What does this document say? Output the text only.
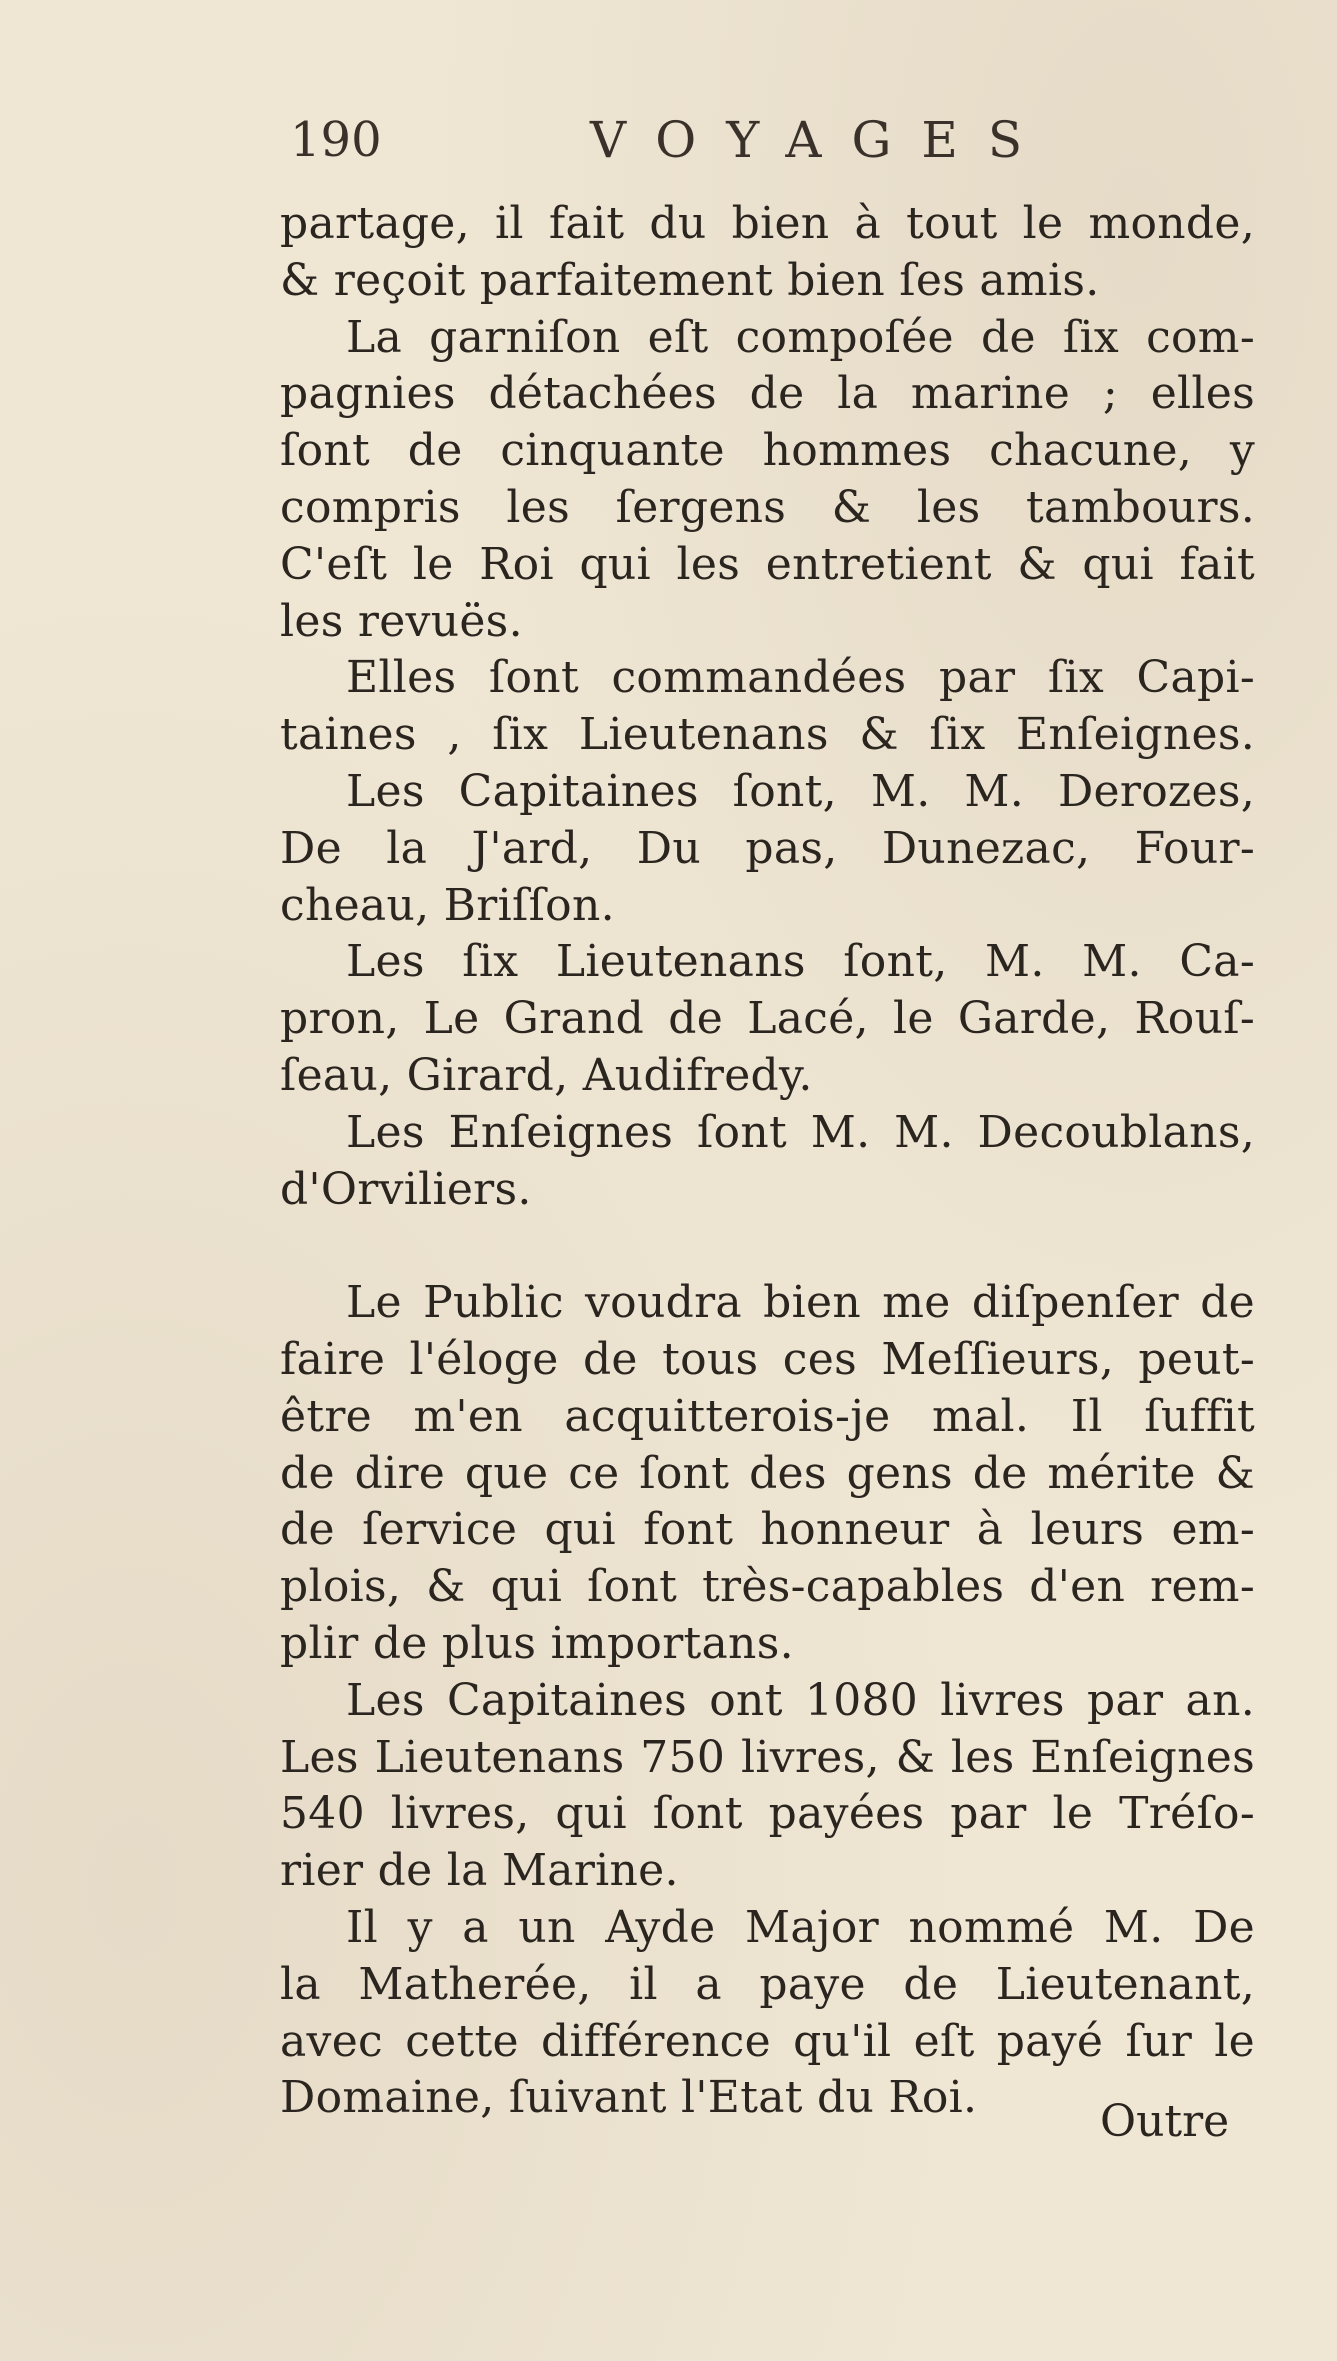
190	VOYAGES
partage, il fait du bien à tout le monde,
& reçoit parfaitement bien ſes amis.
La garniſon eſt compoſée de ſix com-
pagnies détachées de la marine ; elles
ſont de cinquante hommes chacune, y
compris les ſergens & les tambours.
C'eſt le Roi qui les entretient & qui fait
les revuës.
Elles ſont commandées par ſix Capi-
taines , ſix Lieutenans & ſix Enſeignes.
Les Capitaines ſont, M. M. Derozes,
De la J'ard, Du pas, Dunezac, Four-
cheau, Briſſon.
Les ſix Lieutenans ſont, M. M. Ca-
pron, Le Grand de Lacé, le Garde, Rouſ-
ſeau, Girard, Audifredy.
Les Enſeignes ſont M. M. Decoublans,
d'Orviliers.
Le Public voudra bien me diſpenſer de
faire l'éloge de tous ces Meſſieurs, peut-
être m'en acquitterois-je mal. Il ſuffit
de dire que ce ſont des gens de mérite &
de ſervice qui font honneur à leurs em-
plois, & qui ſont très-capables d'en rem-
plir de plus importans.
Les Capitaines ont 1080 livres par an.
Les Lieutenans 750 livres, & les Enſeignes
540 livres, qui ſont payées par le Tréſo-
rier de la Marine.
Il y a un Ayde Major nommé M. De
la Matherée, il a paye de Lieutenant,
avec cette différence qu'il eſt payé ſur le
Domaine, ſuivant l'Etat du Roi.	Outre
